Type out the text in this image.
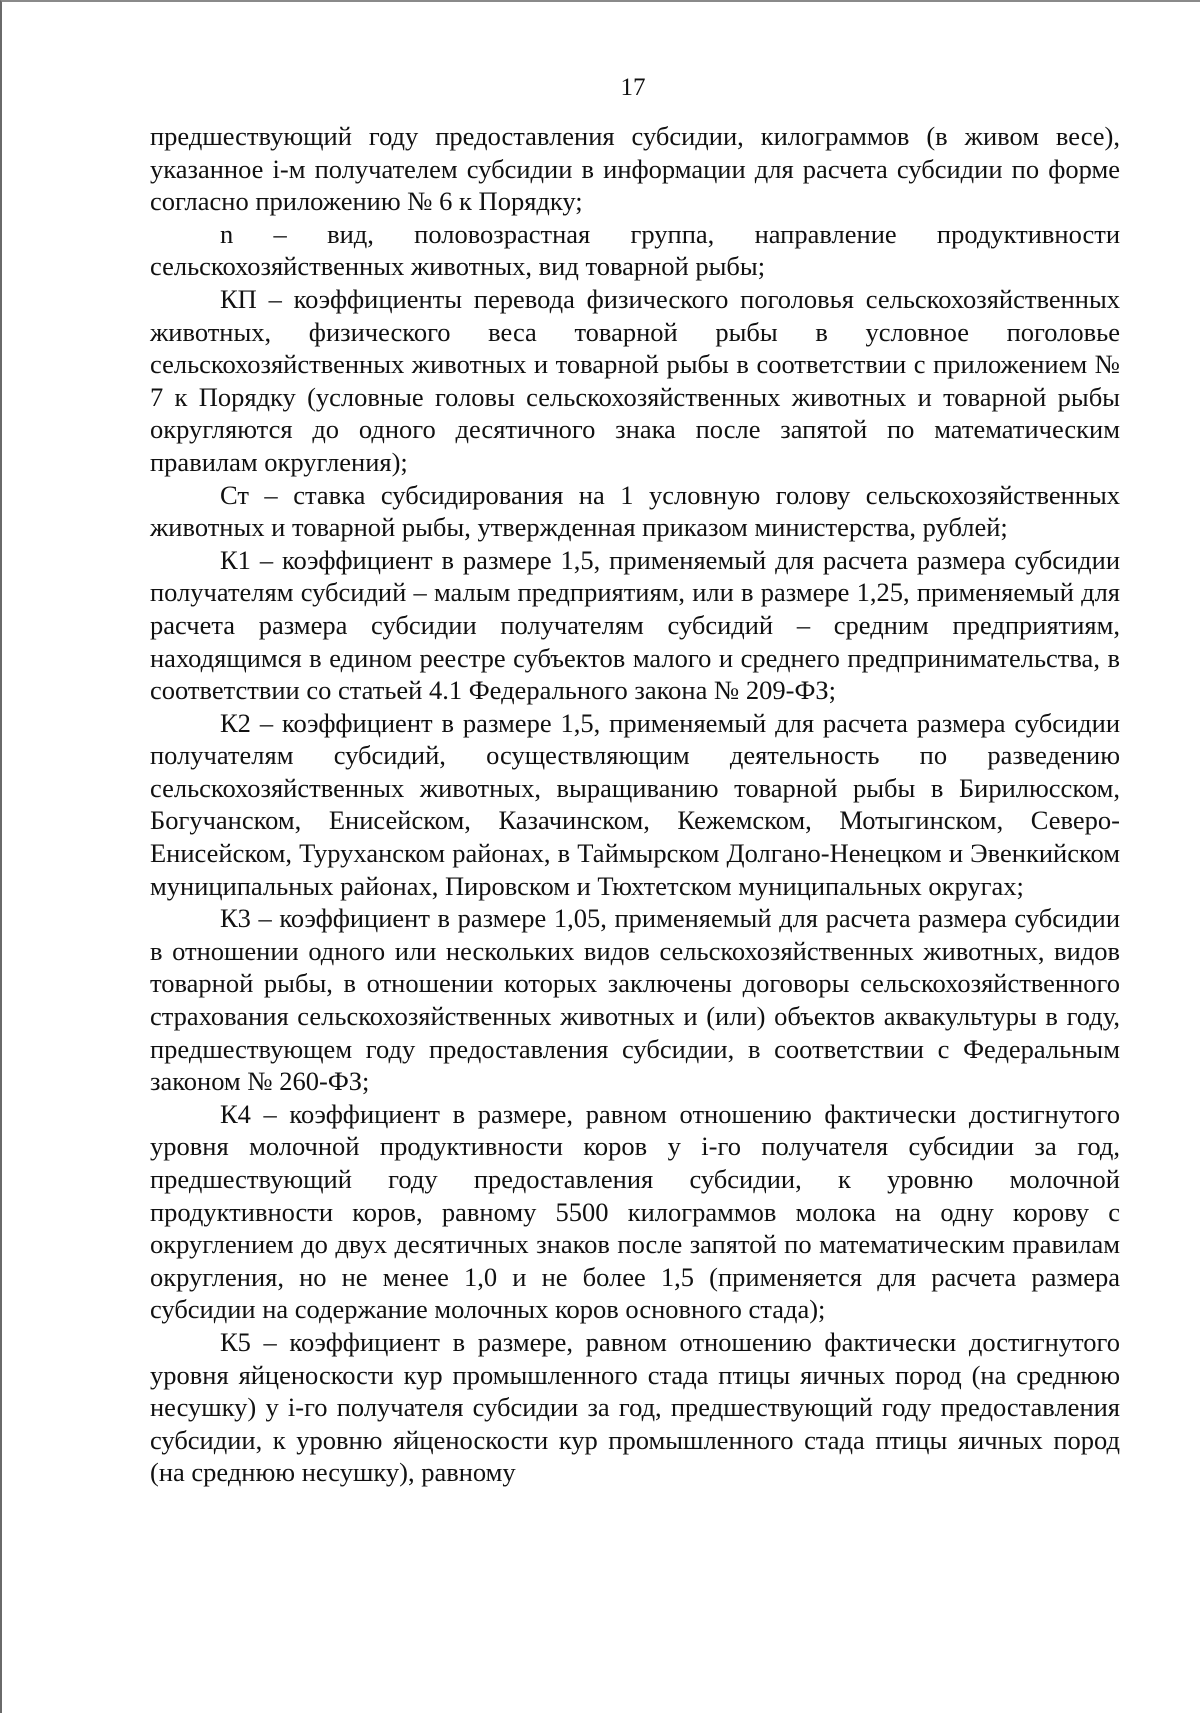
17

предшествующий году предоставления субсидии, килограммов (в живом весе), указанное i-м получателем субсидии в информации для расчета субсидии по форме согласно приложению № 6 к Порядку;

n – вид, половозрастная группа, направление продуктивности сельскохозяйственных животных, вид товарной рыбы;

КП – коэффициенты перевода физического поголовья сельскохозяйственных животных, физического веса товарной рыбы в условное поголовье сельскохозяйственных животных и товарной рыбы в соответствии с приложением № 7 к Порядку (условные головы сельскохозяйственных животных и товарной рыбы округляются до одного десятичного знака после запятой по математическим правилам округления);

Ст – ставка субсидирования на 1 условную голову сельскохозяйственных животных и товарной рыбы, утвержденная приказом министерства, рублей;

К1 – коэффициент в размере 1,5, применяемый для расчета размера субсидии получателям субсидий – малым предприятиям, или в размере 1,25, применяемый для расчета размера субсидии получателям субсидий – средним предприятиям, находящимся в едином реестре субъектов малого и среднего предпринимательства, в соответствии со статьей 4.1 Федерального закона № 209-ФЗ;

К2 – коэффициент в размере 1,5, применяемый для расчета размера субсидии получателям субсидий, осуществляющим деятельность по разведению сельскохозяйственных животных, выращиванию товарной рыбы в Бирилюсском, Богучанском, Енисейском, Казачинском, Кежемском, Мотыгинском, Северо-Енисейском, Туруханском районах, в Таймырском Долгано-Ненецком и Эвенкийском муниципальных районах, Пировском и Тюхтетском муниципальных округах;

К3 – коэффициент в размере 1,05, применяемый для расчета размера субсидии в отношении одного или нескольких видов сельскохозяйственных животных, видов товарной рыбы, в отношении которых заключены договоры сельскохозяйственного страхования сельскохозяйственных животных и (или) объектов аквакультуры в году, предшествующем году предоставления субсидии, в соответствии с Федеральным законом № 260-ФЗ;

К4 – коэффициент в размере, равном отношению фактически достигнутого уровня молочной продуктивности коров у i-го получателя субсидии за год, предшествующий году предоставления субсидии, к уровню молочной продуктивности коров, равному 5500 килограммов молока на одну корову с округлением до двух десятичных знаков после запятой по математическим правилам округления, но не менее 1,0 и не более 1,5 (применяется для расчета размера субсидии на содержание молочных коров основного стада);

К5 – коэффициент в размере, равном отношению фактически достигнутого уровня яйценоскости кур промышленного стада птицы яичных пород (на среднюю несушку) у i-го получателя субсидии за год, предшествующий году предоставления субсидии, к уровню яйценоскости кур промышленного стада птицы яичных пород (на среднюю несушку), равному
